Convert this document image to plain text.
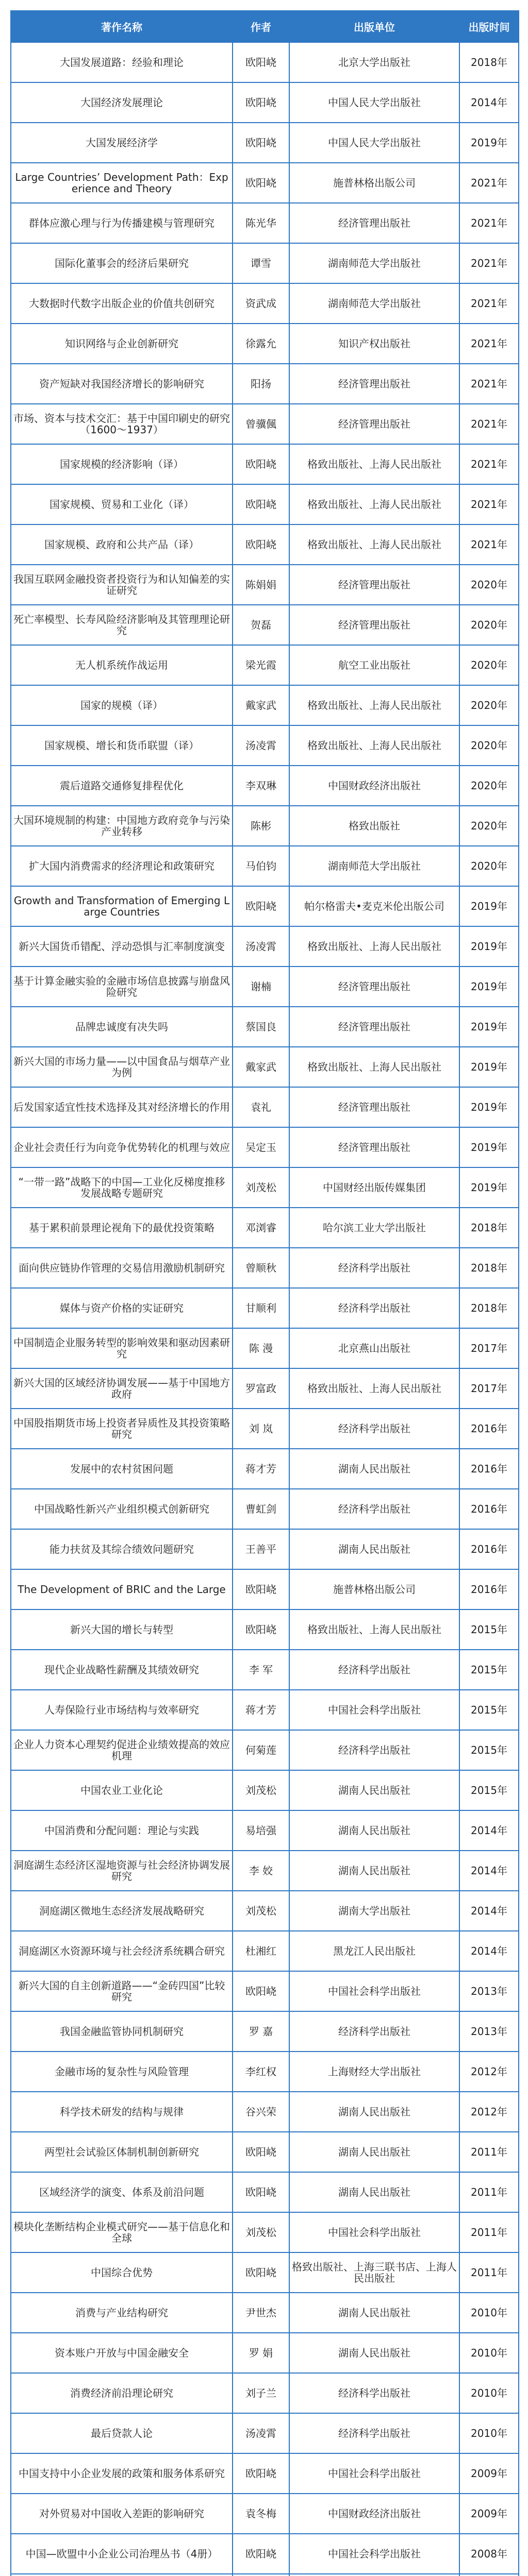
著作名称	作者	出版单位	出版时间
大国发展道路：经验和理论	欧阳峣	北京大学出版社	2018年
大国经济发展理论	欧阳峣	中国人民大学出版社	2014年
大国发展经济学	欧阳峣	中国人民大学出版社	2019年
Large Countries’ Development Path：Experience and Theory	欧阳峣	施普林格出版公司	2021年
群体应激心理与行为传播建模与管理研究	陈光华	经济管理出版社	2021年
国际化董事会的经济后果研究	谭雪	湖南师范大学出版社	2021年
大数据时代数字出版企业的价值共创研究	资武成	湖南师范大学出版社	2021年
知识网络与企业创新研究	徐露允	知识产权出版社	2021年
资产短缺对我国经济增长的影响研究	阳扬	经济管理出版社	2021年
市场、资本与技术交汇：基于中国印刷史的研究（1600～1937）	曾骥偑	经济管理出版社	2021年
国家规模的经济影响（译）	欧阳峣	格致出版社、上海人民出版社	2021年
国家规模、贸易和工业化（译）	欧阳峣	格致出版社、上海人民出版社	2021年
国家规模、政府和公共产品（译）	欧阳峣	格致出版社、上海人民出版社	2021年
我国互联网金融投资者投资行为和认知偏差的实证研究	陈娟娟	经济管理出版社	2020年
死亡率模型、长寿风险经济影响及其管理理论研究	贺磊	经济管理出版社	2020年
无人机系统作战运用	梁光霞	航空工业出版社	2020年
国家的规模（译）	戴家武	格致出版社、上海人民出版社	2020年
国家规模、增长和货币联盟（译）	汤凌霄	格致出版社、上海人民出版社	2020年
震后道路交通修复排程优化	李双琳	中国财政经济出版社	2020年
大国环境规制的构建：中国地方政府竞争与污染产业转移	陈彬	格致出版社	2020年
扩大国内消费需求的经济理论和政策研究	马伯钧	湖南师范大学出版社	2020年
Growth and Transformation of Emerging Large Countries	欧阳峣	帕尔格雷夫•麦克米伦出版公司	2019年
新兴大国货币错配、浮动恐惧与汇率制度演变	汤凌霄	格致出版社、上海人民出版社	2019年
基于计算金融实验的金融市场信息披露与崩盘风险研究	谢楠	经济管理出版社	2019年
品牌忠诚度有决失吗	蔡国良	经济管理出版社	2019年
新兴大国的市场力量——以中国食品与烟草产业为例	戴家武	格致出版社、上海人民出版社	2019年
后发国家适宜性技术选择及其对经济增长的作用	袁礼	经济管理出版社	2019年
企业社会责任行为向竞争优势转化的机理与效应	吴定玉	经济管理出版社	2019年
“一带一路”战略下的中国—工业化反梯度推移发展战略专题研究	刘茂松	中国财经出版传媒集团	2019年
基于累积前景理论视角下的最优投资策略	邓浏睿	哈尔滨工业大学出版社	2018年
面向供应链协作管理的交易信用激励机制研究	曾顺秋	经济科学出版社	2018年
媒体与资产价格的实证研究	甘顺利	经济科学出版社	2018年
中国制造企业服务转型的影响效果和驱动因素研究	陈 漫	北京燕山出版社	2017年
新兴大国的区域经济协调发展——基于中国地方政府	罗富政	格致出版社、上海人民出版社	2017年
中国股指期货市场上投资者异质性及其投资策略研究	刘 岚	经济科学出版社	2016年
发展中的农村贫困问题	蒋才芳	湖南人民出版社	2016年
中国战略性新兴产业组织模式创新研究	曹虹剑	经济科学出版社	2016年
能力扶贫及其综合绩效问题研究	王善平	湖南人民出版社	2016年
The Development of BRIC and the Large	欧阳峣	施普林格出版公司	2016年
新兴大国的增长与转型	欧阳峣	格致出版社、上海人民出版社	2015年
现代企业战略性薪酬及其绩效研究	李 军	经济科学出版社	2015年
人寿保险行业市场结构与效率研究	蒋才芳	中国社会科学出版社	2015年
企业人力资本心理契约促进企业绩效提高的效应机理	何菊莲	经济科学出版社	2015年
中国农业工业化论	刘茂松	湖南人民出版社	2015年
中国消费和分配问题：理论与实践	易培强	湖南人民出版社	2014年
洞庭湖生态经济区湿地资源与社会经济协调发展研究	李 姣	湖南人民出版社	2014年
洞庭湖区微地生态经济发展战略研究	刘茂松	湖南大学出版社	2014年
洞庭湖区水资源环境与社会经济系统耦合研究	杜湘红	黑龙江人民出版社	2014年
新兴大国的自主创新道路——“金砖四国”比较研究	欧阳峣	中国社会科学出版社	2013年
我国金融监管协同机制研究	罗 嘉	经济科学出版社	2013年
金融市场的复杂性与风险管理	李红权	上海财经大学出版社	2012年
科学技术研发的结构与规律	谷兴荣	湖南人民出版社	2012年
两型社会试验区体制机制创新研究	欧阳峣	湖南人民出版社	2011年
区域经济学的演变、体系及前沿问题	欧阳峣	湖南人民出版社	2011年
模块化垄断结构企业模式研究——基于信息化和全球	刘茂松	中国社会科学出版社	2011年
中国综合优势	欧阳峣	格致出版社、上海三联书店、上海人民出版社	2011年
消费与产业结构研究	尹世杰	湖南人民出版社	2010年
资本账户开放与中国金融安全	罗 娟	湖南人民出版社	2010年
消费经济前沿理论研究	刘子兰	经济科学出版社	2010年
最后贷款人论	汤凌霄	经济科学出版社	2010年
中国支持中小企业发展的政策和服务体系研究	欧阳峣	中国社会科学出版社	2009年
对外贸易对中国收入差距的影响研究	袁冬梅	中国财政经济出版社	2009年
中国—欧盟中小企业公司治理丛书（4册）	欧阳峣	中国社会科学出版社	2008年
